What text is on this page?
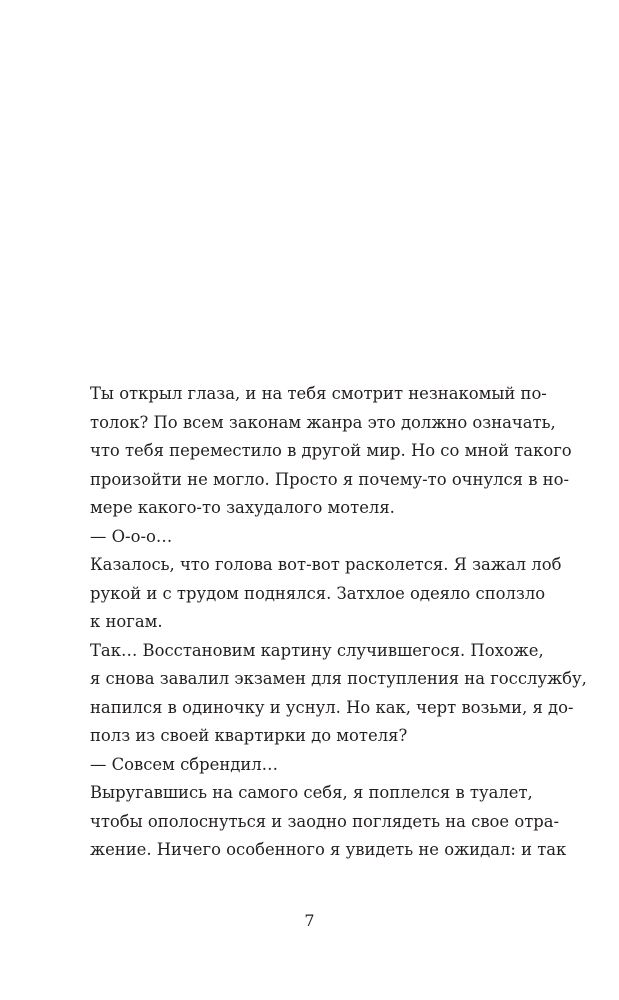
Ты открыл глаза, и на тебя смотрит незнакомый по-
толок? По всем законам жанра это должно означать,
что тебя переместило в другой мир. Но со мной такого
произойти не могло. Просто я почему-то очнулся в но-
мере какого-то захудалого мотеля.
— О-о-о…
Казалось, что голова вот-вот расколется. Я зажал лоб
рукой и с трудом поднялся. Затхлое одеяло сползло
к ногам.
Так… Восстановим картину случившегося. Похоже,
я снова завалил экзамен для поступления на госслужбу,
напился в одиночку и уснул. Но как, черт возьми, я до-
полз из своей квартирки до мотеля?
— Совсем сбрендил…
Выругавшись на самого себя, я поплелся в туалет,
чтобы ополоснуться и заодно поглядеть на свое отра-
жение. Ничего особенного я увидеть не ожидал: и так
7
